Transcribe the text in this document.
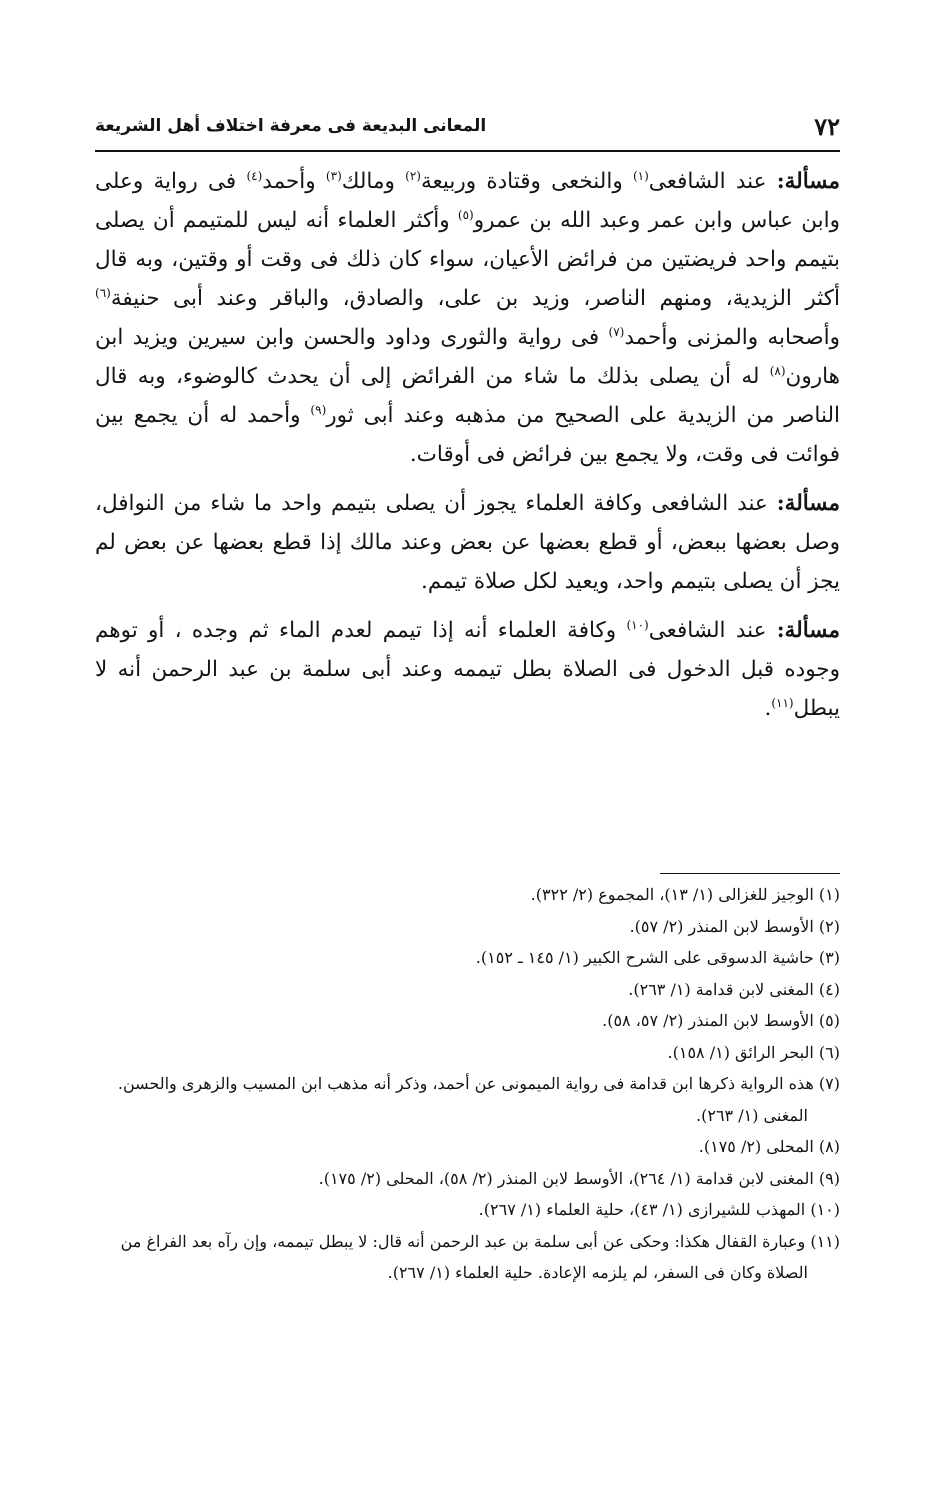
٧٢
المعانى البديعة فى معرفة اختلاف أهل الشريعة

مسألة: عند الشافعى$^{(١)}$ والنخعى وقتادة وربيعة$^{(٢)}$ ومالك$^{(٣)}$ وأحمد$^{(٤)}$ فى رواية وعلى وابن عباس وابن عمر وعبد الله بن عمرو$^{(٥)}$ وأكثر العلماء أنه ليس للمتيمم أن يصلى بتيمم واحد فريضتين من فرائض الأعيان، سواء كان ذلك فى وقت أو وقتين، وبه قال أكثر الزيدية، ومنهم الناصر، وزيد بن على، والصادق، والباقر وعند أبى حنيفة$^{(٦)}$ وأصحابه والمزنى وأحمد$^{(٧)}$ فى رواية والثورى وداود والحسن وابن سيرين ويزيد ابن هارون$^{(٨)}$ له أن يصلى بذلك ما شاء من الفرائض إلى أن يحدث كالوضوء، وبه قال الناصر من الزيدية على الصحيح من مذهبه وعند أبى ثور$^{(٩)}$ وأحمد له أن يجمع بين فوائت فى وقت، ولا يجمع بين فرائض فى أوقات.

مسألة: عند الشافعى وكافة العلماء يجوز أن يصلى بتيمم واحد ما شاء من النوافل، وصل بعضها ببعض، أو قطع بعضها عن بعض وعند مالك إذا قطع بعضها عن بعض لم يجز أن يصلى بتيمم واحد، ويعيد لكل صلاة تيمم.

مسألة: عند الشافعى$^{(١٠)}$ وكافة العلماء أنه إذا تيمم لعدم الماء ثم وجده ، أو توهم وجوده قبل الدخول فى الصلاة بطل تيممه وعند أبى سلمة بن عبد الرحمن أنه لا يبطل$^{(١١)}$.

(١) الوجيز للغزالى (١/ ١٣)، المجموع (٢/ ٣٢٢).
(٢) الأوسط لابن المنذر (٢/ ٥٧).
(٣) حاشية الدسوقى على الشرح الكبير (١/ ١٤٥ ـ ١٥٢).
(٤) المغنى لابن قدامة (١/ ٢٦٣).
(٥) الأوسط لابن المنذر (٢/ ٥٧، ٥٨).
(٦) البحر الرائق (١/ ١٥٨).
(٧) هذه الرواية ذكرها ابن قدامة فى رواية الميمونى عن أحمد، وذكر أنه مذهب ابن المسيب والزهرى والحسن. المغنى (١/ ٢٦٣).
(٨) المحلى (٢/ ١٧٥).
(٩) المغنى لابن قدامة (١/ ٢٦٤)، الأوسط لابن المنذر (٢/ ٥٨)، المحلى (٢/ ١٧٥).
(١٠) المهذب للشيرازى (١/ ٤٣)، حلية العلماء (١/ ٢٦٧).
(١١) وعبارة القفال هكذا: وحكى عن أبى سلمة بن عبد الرحمن أنه قال: لا يبطل تيممه، وإن رآه بعد الفراغ من الصلاة وكان فى السفر، لم يلزمه الإعادة. حلية العلماء (١/ ٢٦٧).
